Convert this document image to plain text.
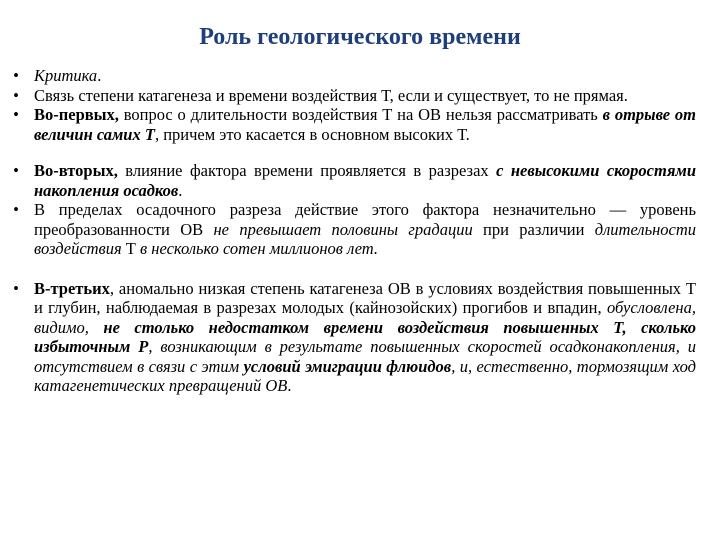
Роль геологического времени
• Критика.
• Связь степени катагенеза и времени воздействия Т, если и существует, то не прямая.
• Во-первых, вопрос о длительности воздействия Т на ОВ нельзя рассматривать в отрыве от величин самих Т, причем это касается в основном высоких Т.
• Во-вторых, влияние фактора времени проявляется в разрезах с невысокими скоростями накопления осадков.
• В пределах осадочного разреза действие этого фактора незначительно — уровень преобразованности ОВ не превышает половины градации при различии длительности воздействия Т в несколько сотен миллионов лет.
• В-третьих, аномально низкая степень катагенеза ОВ в условиях воздействия повышенных Т и глубин, наблюдаемая в разрезах молодых (кайнозойских) прогибов и впадин, обусловлена, видимо, не столько недостатком времени воздействия повышенных Т, сколько избыточным Р, возникающим в результате повышенных скоростей осадконакопления, и отсутствием в связи с этим условий эмиграции флюидов, и, естественно, тормозящим ход катагенетических превращений ОВ.
